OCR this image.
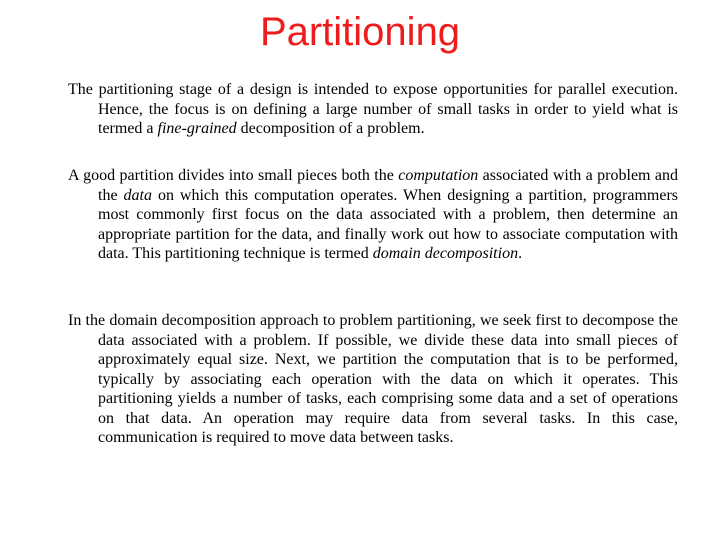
Partitioning

The partitioning stage of a design is intended to expose opportunities for parallel execution. Hence, the focus is on defining a large number of small tasks in order to yield what is termed a fine-grained decomposition of a problem.

A good partition divides into small pieces both the computation associated with a problem and the data on which this computation operates. When designing a partition, programmers most commonly first focus on the data associated with a problem, then determine an appropriate partition for the data, and finally work out how to associate computation with data. This partitioning technique is termed domain decomposition.

In the domain decomposition approach to problem partitioning, we seek first to decompose the data associated with a problem. If possible, we divide these data into small pieces of approximately equal size. Next, we partition the computation that is to be performed, typically by associating each operation with the data on which it operates. This partitioning yields a number of tasks, each comprising some data and a set of operations on that data. An operation may require data from several tasks. In this case, communication is required to move data between tasks.
